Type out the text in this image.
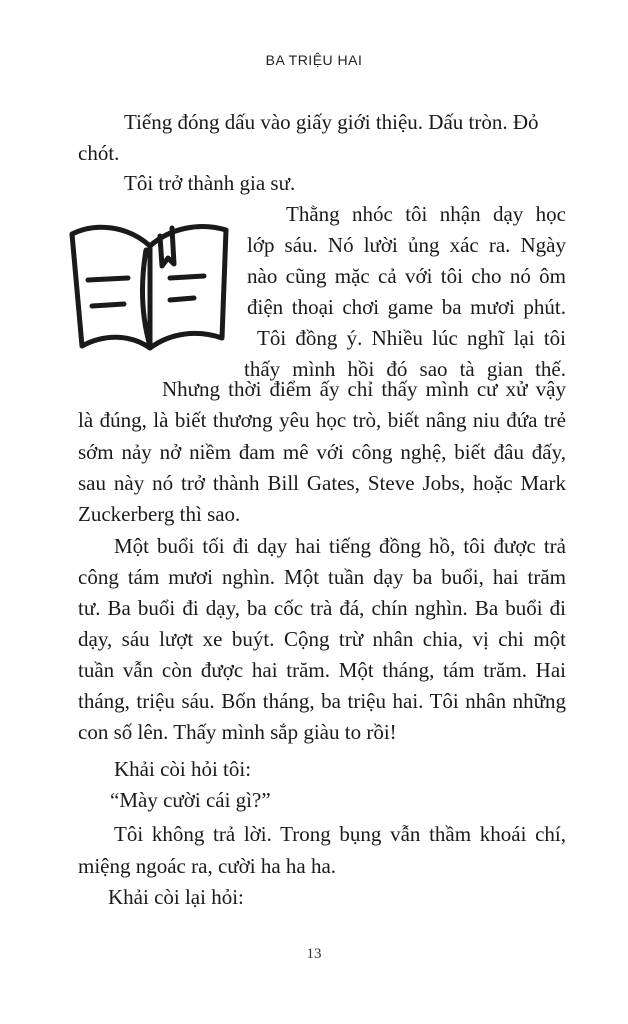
BA TRIỆU HAI
Tiếng đóng dấu vào giấy giới thiệu. Dấu tròn. Đỏ
chót.
Tôi trở thành gia sư.
Thằng nhóc tôi nhận dạy học
lớp sáu. Nó lười ủng xác ra. Ngày
nào cũng mặc cả với tôi cho nó ôm
điện thoại chơi game ba mươi phút.
Tôi đồng ý. Nhiều lúc nghĩ lại tôi
thấy mình hồi đó sao tà gian thế.
Nhưng thời điểm ấy chỉ thấy mình cư xử vậy
là đúng, là biết thương yêu học trò, biết nâng niu đứa trẻ
sớm nảy nở niềm đam mê với công nghệ, biết đâu đấy,
sau này nó trở thành Bill Gates, Steve Jobs, hoặc Mark
Zuckerberg thì sao.
Một buổi tối đi dạy hai tiếng đồng hồ, tôi được trả
công tám mươi nghìn. Một tuần dạy ba buổi, hai trăm
tư. Ba buổi đi dạy, ba cốc trà đá, chín nghìn. Ba buổi đi
dạy, sáu lượt xe buýt. Cộng trừ nhân chia, vị chi một
tuần vẫn còn được hai trăm. Một tháng, tám trăm. Hai
tháng, triệu sáu. Bốn tháng, ba triệu hai. Tôi nhân những
con số lên. Thấy mình sắp giàu to rồi!
Khải còi hỏi tôi:
“Mày cười cái gì?”
Tôi không trả lời. Trong bụng vẫn thầm khoái chí,
miệng ngoác ra, cười ha ha ha.
Khải còi lại hỏi:
13
